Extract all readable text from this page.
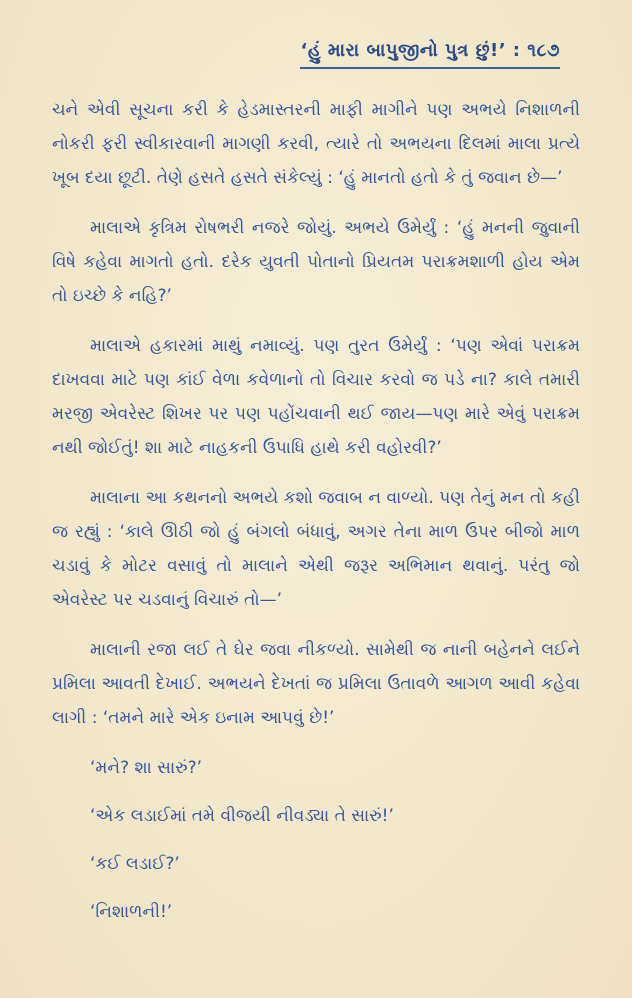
‘હું મારા બાપુજીનો પુત્ર છું!’ : ૧૮૭

ચને એવી સૂચના કરી કે હેડમાસ્તરની માફી માગીને પણ અભયે નિશાળની નોકરી ફરી સ્વીકારવાની માગણી કરવી, ત્યારે તો અભયના દિલમાં માલા પ્રત્યે ખૂબ દયા છૂટી. તેણે હસતે હસતે સંકેલ્યું : ‘હું માનતો હતો કે તું જવાન છે—’

માલાએ કૃત્રિમ રોષભરી નજરે જોયું. અભયે ઉમેર્યું : ‘હું મનની જુવાની વિષે કહેવા માગતો હતો. દરેક યુવતી પોતાનો પ્રિયતમ પરાક્રમશાળી હોય એમ તો ઇચ્છે કે નહિ?’

માલાએ હકારમાં માથું નમાવ્યું. પણ તુરત ઉમેર્યું : ‘પણ એવાં પરાક્રમ દાખવવા માટે પણ કાંઈ વેળા કવેળાનો તો વિચાર કરવો જ પડે ના? કાલે તમારી મરજી એવરેસ્ટ શિખર પર પણ પહોંચવાની થઈ જાય—પણ મારે એવું પરાક્રમ નથી જોઈતું! શા માટે નાહકની ઉપાધિ હાથે કરી વહોરવી?’

માલાના આ કથનનો અભયે કશો જવાબ ન વાળ્યો. પણ તેનું મન તો કહી જ રહ્યું : ‘કાલે ઊઠી જો હું બંગલો બંધાવું, અગર તેના માળ ઉપર બીજો માળ ચડાવું કે મોટર વસાવું તો માલાને એથી જરૂર અભિમાન થવાનું. પરંતુ જો એવરેસ્ટ પર ચડવાનું વિચારું તો—’

માલાની રજા લઈ તે ઘેર જવા નીકળ્યો. સામેથી જ નાની બહેનને લઈને પ્રમિલા આવતી દેખાઈ. અભયને દેખતાં જ પ્રમિલા ઉતાવળે આગળ આવી કહેવા લાગી : ‘તમને મારે એક ઇનામ આપવું છે!’

‘મને? શા સારું?’

‘એક લડાઈમાં તમે વીજયી નીવડ્યા તે સારું!’

‘કઈ લડાઈ?’

‘નિશાળની!’
